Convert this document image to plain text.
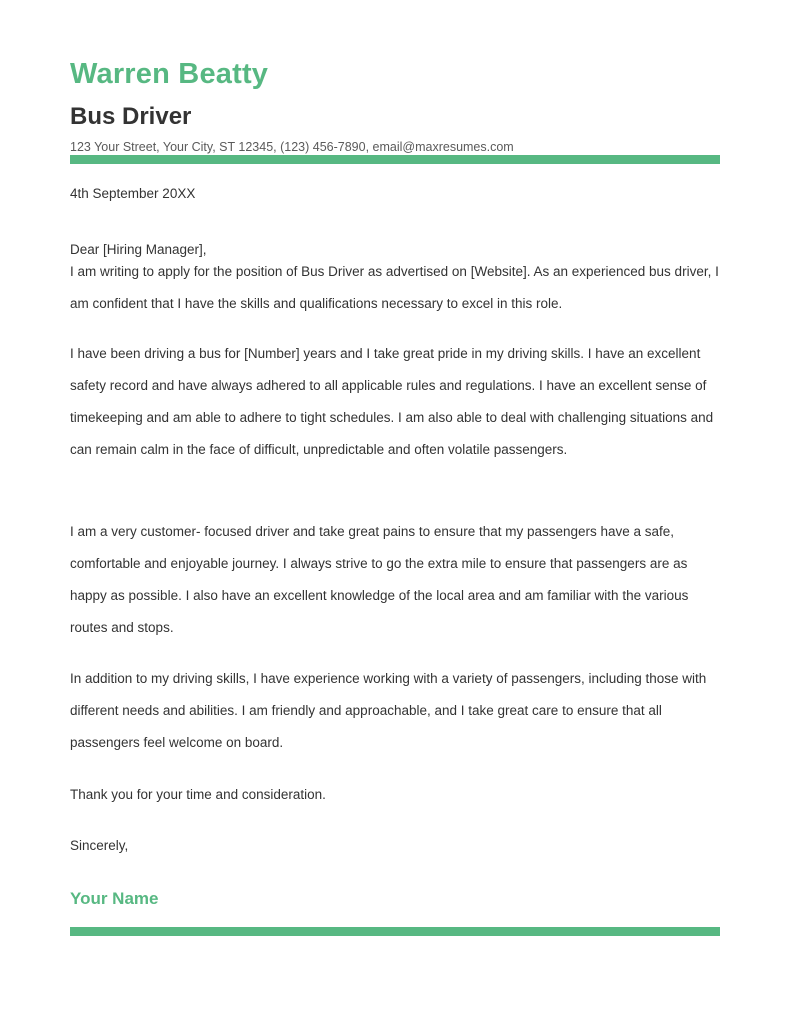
Warren Beatty
Bus Driver
123 Your Street, Your City, ST 12345, (123) 456-7890, email@maxresumes.com
4th September 20XX
Dear [Hiring Manager],

I am writing to apply for the position of Bus Driver as advertised on [Website]. As an experienced bus driver, I am confident that I have the skills and qualifications necessary to excel in this role.

I have been driving a bus for [Number] years and I take great pride in my driving skills. I have an excellent safety record and have always adhered to all applicable rules and regulations. I have an excellent sense of timekeeping and am able to adhere to tight schedules. I am also able to deal with challenging situations and can remain calm in the face of difficult, unpredictable and often volatile passengers.

I am a very customer- focused driver and take great pains to ensure that my passengers have a safe, comfortable and enjoyable journey. I always strive to go the extra mile to ensure that passengers are as happy as possible. I also have an excellent knowledge of the local area and am familiar with the various routes and stops.

In addition to my driving skills, I have experience working with a variety of passengers, including those with different needs and abilities. I am friendly and approachable, and I take great care to ensure that all passengers feel welcome on board.

Thank you for your time and consideration.
Sincerely,
Your Name
